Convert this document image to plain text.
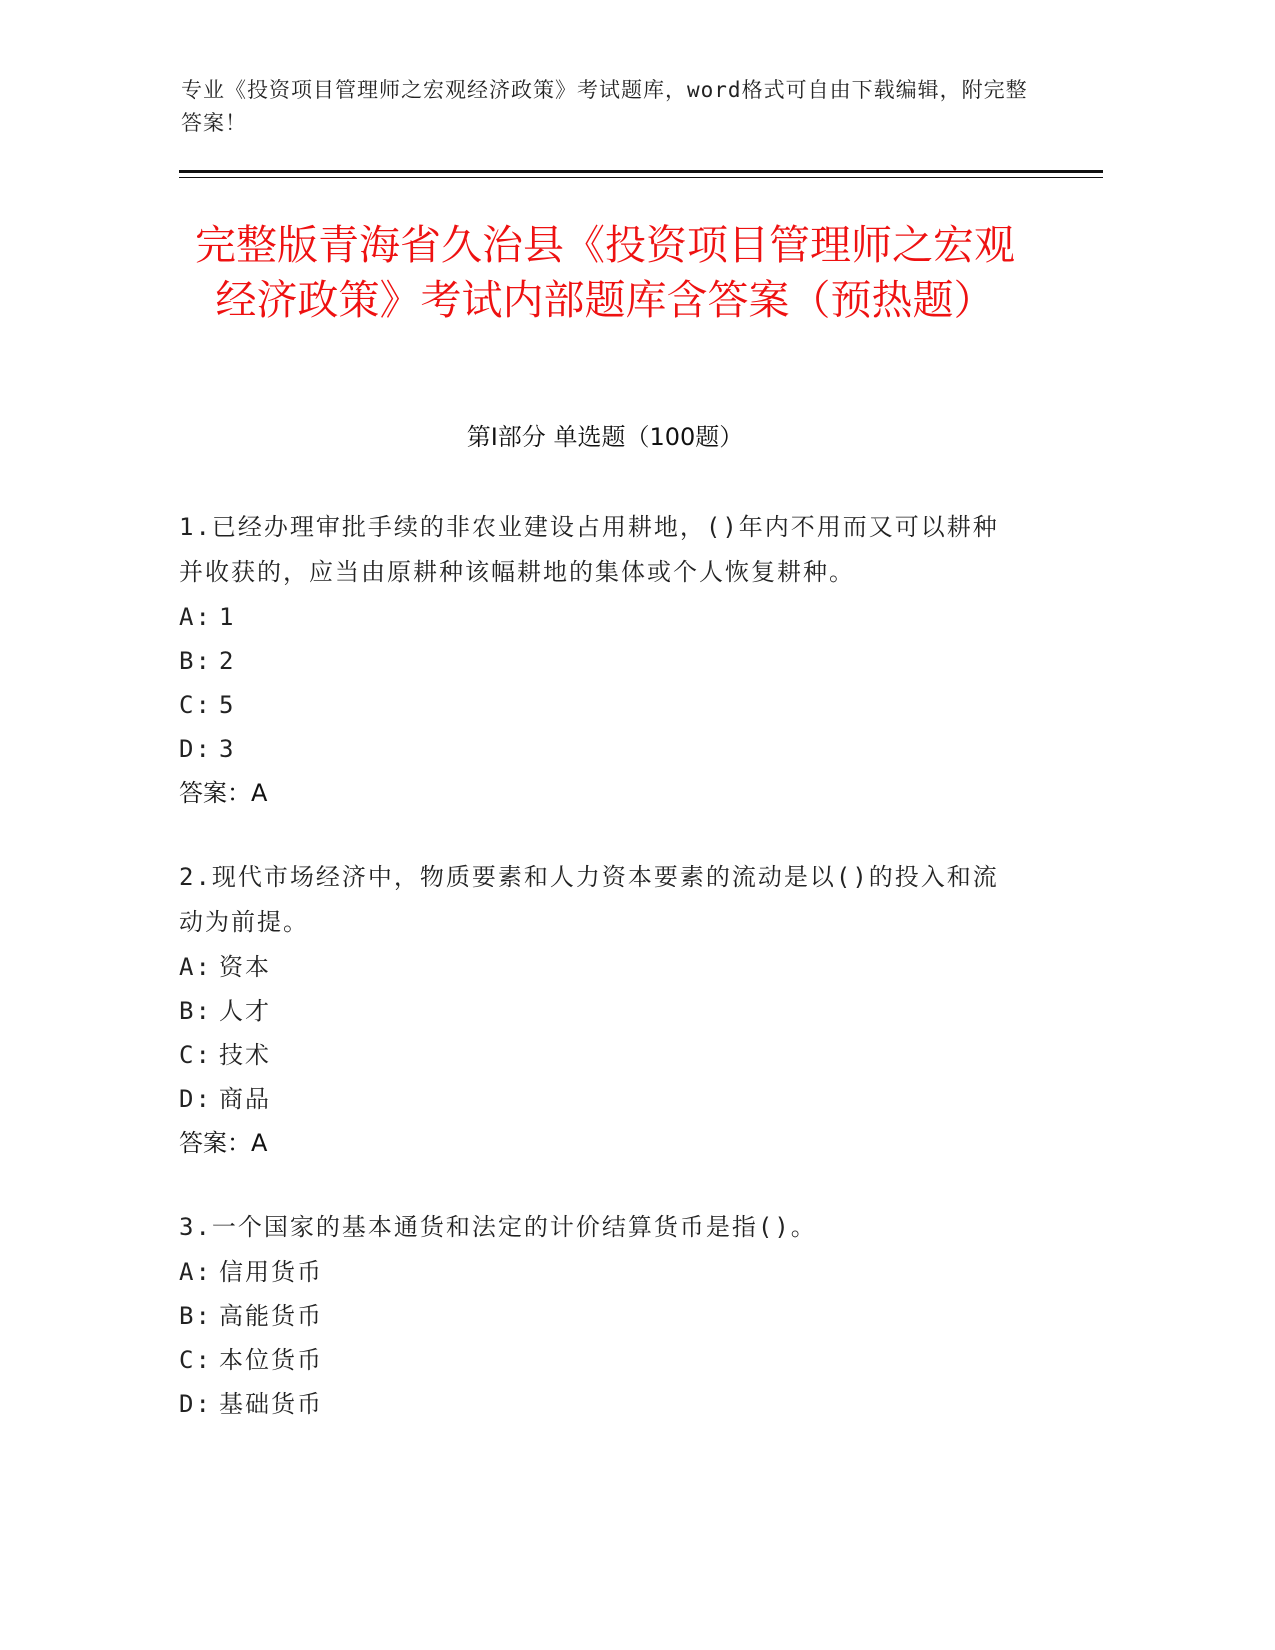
专业《投资项目管理师之宏观经济政策》考试题库，word格式可自由下载编辑，附完整答案！
完整版青海省久治县《投资项目管理师之宏观经济政策》考试内部题库含答案（预热题）
第I部分 单选题（100题）

1.已经办理审批手续的非农业建设占用耕地，()年内不用而又可以耕种并收获的，应当由原耕种该幅耕地的集体或个人恢复耕种。

A: 1

B: 2

C: 5

D: 3

答案：A

2.现代市场经济中，物质要素和人力资本要素的流动是以()的投入和流动为前提。

A: 资本

B: 人才

C: 技术

D: 商品

答案：A

3.一个国家的基本通货和法定的计价结算货币是指()。

A: 信用货币

B: 高能货币

C: 本位货币

D: 基础货币
